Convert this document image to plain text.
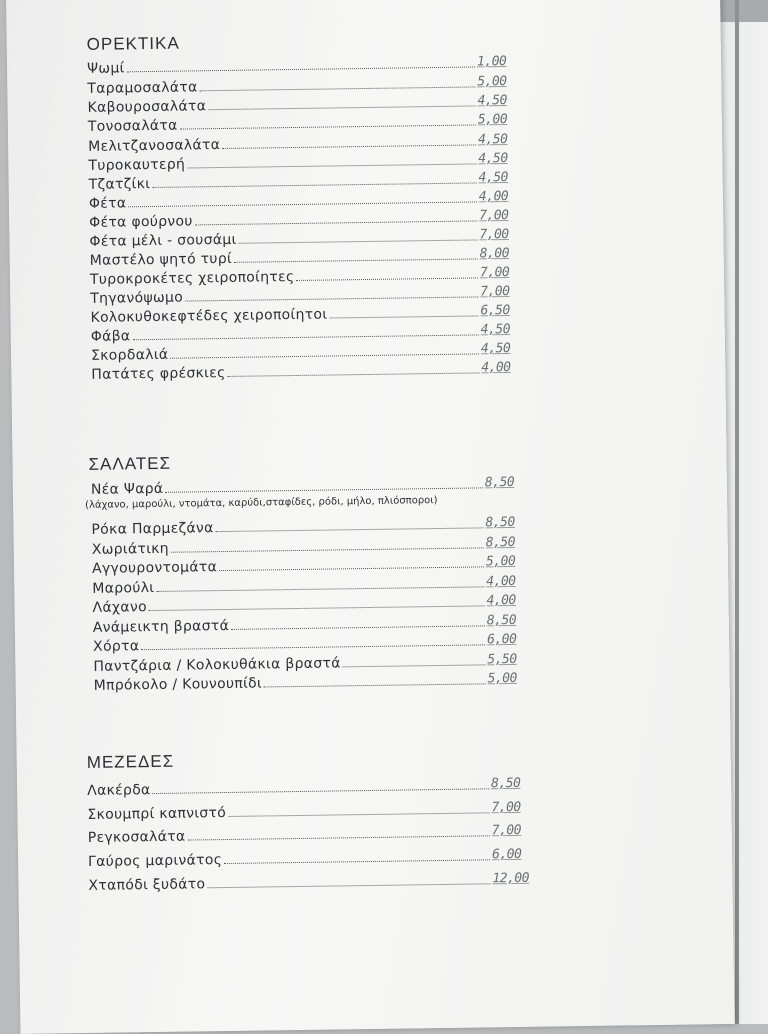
ΟΡΕΚΤΙΚΑ
Ψωμί	1,00
Ταραμοσαλάτα	5,00
Καβουροσαλάτα	4,50
Τονοσαλάτα	5,00
Μελιτζανοσαλάτα	4,50
Τυροκαυτερή	4,50
Τζατζίκι	4,50
Φέτα	4,00
Φέτα φούρνου	7,00
Φέτα μέλι - σουσάμι	7,00
Μαστέλο ψητό τυρί	8,00
Τυροκροκέτες χειροποίητες	7,00
Τηγανόψωμο	7,00
Κολοκυθοκεφτέδες χειροποίητοι	6,50
Φάβα	4,50
Σκορδαλιά	4,50
Πατάτες φρέσκιες	4,00
ΣΑΛΑΤΕΣ
Νέα Ψαρά	8,50
(λάχανο, μαρούλι, ντομάτα, καρύδι,σταφίδες, ρόδι, μήλο, πλιόσποροι)
Ρόκα Παρμεζάνα	8,50
Χωριάτικη	8,50
Αγγουροντομάτα	5,00
Μαρούλι	4,00
Λάχανο	4,00
Ανάμεικτη βραστά	8,50
Χόρτα	6,00
Παντζάρια / Κολοκυθάκια βραστά	5,50
Μπρόκολο / Κουνουπίδι	5,00
ΜΕΖΕΔΕΣ
Λακέρδα	8,50
Σκουμπρί καπνιστό	7,00
Ρεγκοσαλάτα	7,00
Γαύρος μαρινάτος	6,00
Χταπόδι ξυδάτο	12,00
